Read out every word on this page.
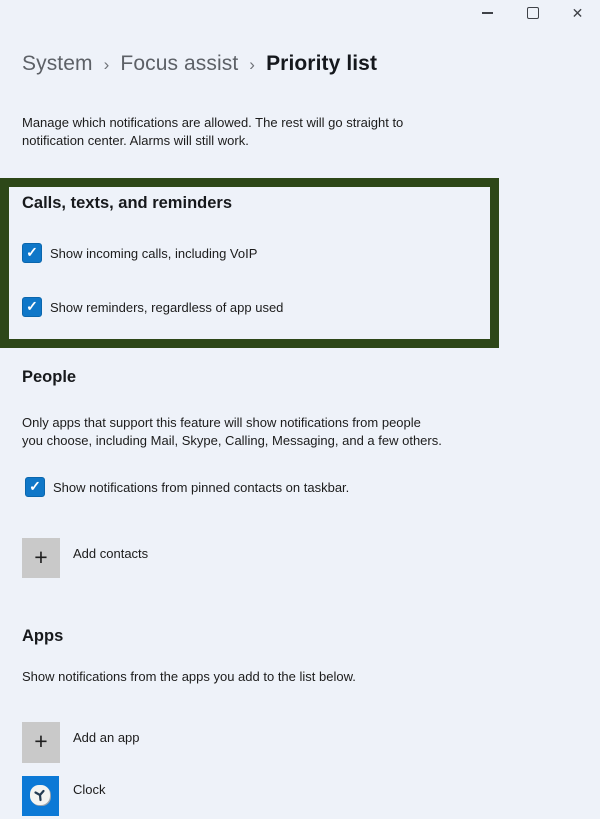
✕
System › Focus assist › Priority list
Manage which notifications are allowed. The rest will go straight to
notification center. Alarms will still work.
Calls, texts, and reminders
✓ Show incoming calls, including VoIP
✓ Show reminders, regardless of app used
People
Only apps that support this feature will show notifications from people
you choose, including Mail, Skype, Calling, Messaging, and a few others.
✓ Show notifications from pinned contacts on taskbar.
+ Add contacts
Apps
Show notifications from the apps you add to the list below.
+ Add an app
Clock
